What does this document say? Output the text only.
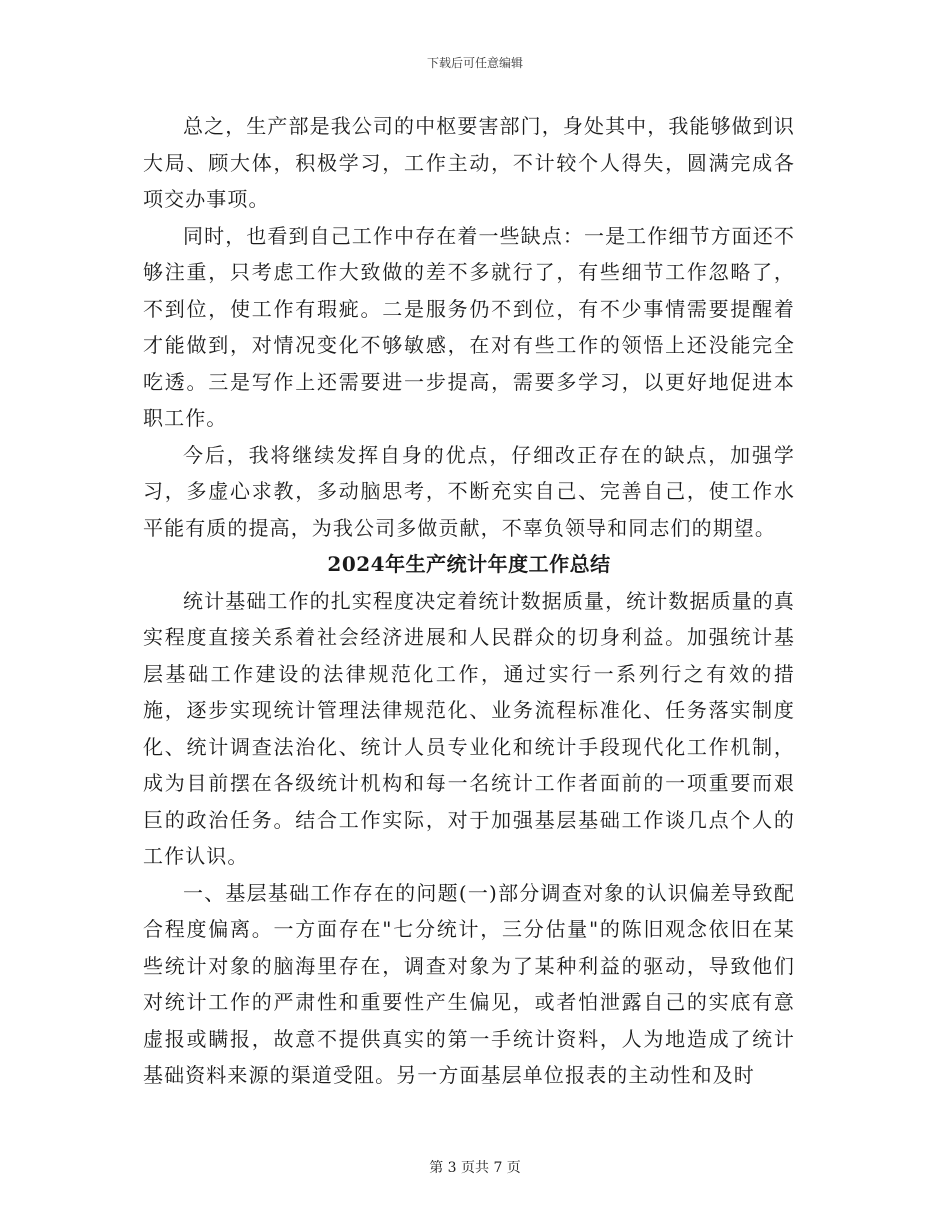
下载后可任意编辑

总之，生产部是我公司的中枢要害部门，身处其中，我能够做到识大局、顾大体，积极学习，工作主动，不计较个人得失，圆满完成各项交办事项。

同时，也看到自己工作中存在着一些缺点：一是工作细节方面还不够注重，只考虑工作大致做的差不多就行了，有些细节工作忽略了，不到位，使工作有瑕疵。二是服务仍不到位，有不少事情需要提醒着才能做到，对情况变化不够敏感，在对有些工作的领悟上还没能完全吃透。三是写作上还需要进一步提高，需要多学习，以更好地促进本职工作。

今后，我将继续发挥自身的优点，仔细改正存在的缺点，加强学习，多虚心求教，多动脑思考，不断充实自己、完善自己，使工作水平能有质的提高，为我公司多做贡献，不辜负领导和同志们的期望。

2024年生产统计年度工作总结

统计基础工作的扎实程度决定着统计数据质量，统计数据质量的真实程度直接关系着社会经济进展和人民群众的切身利益。加强统计基层基础工作建设的法律规范化工作，通过实行一系列行之有效的措施，逐步实现统计管理法律规范化、业务流程标准化、任务落实制度化、统计调查法治化、统计人员专业化和统计手段现代化工作机制，成为目前摆在各级统计机构和每一名统计工作者面前的一项重要而艰巨的政治任务。结合工作实际，对于加强基层基础工作谈几点个人的工作认识。

一、基层基础工作存在的问题(一)部分调查对象的认识偏差导致配合程度偏离。一方面存在"七分统计，三分估量"的陈旧观念依旧在某些统计对象的脑海里存在，调查对象为了某种利益的驱动，导致他们对统计工作的严肃性和重要性产生偏见，或者怕泄露自己的实底有意虚报或瞒报，故意不提供真实的第一手统计资料，人为地造成了统计基础资料来源的渠道受阻。另一方面基层单位报表的主动性和及时

第 3 页共 7 页
